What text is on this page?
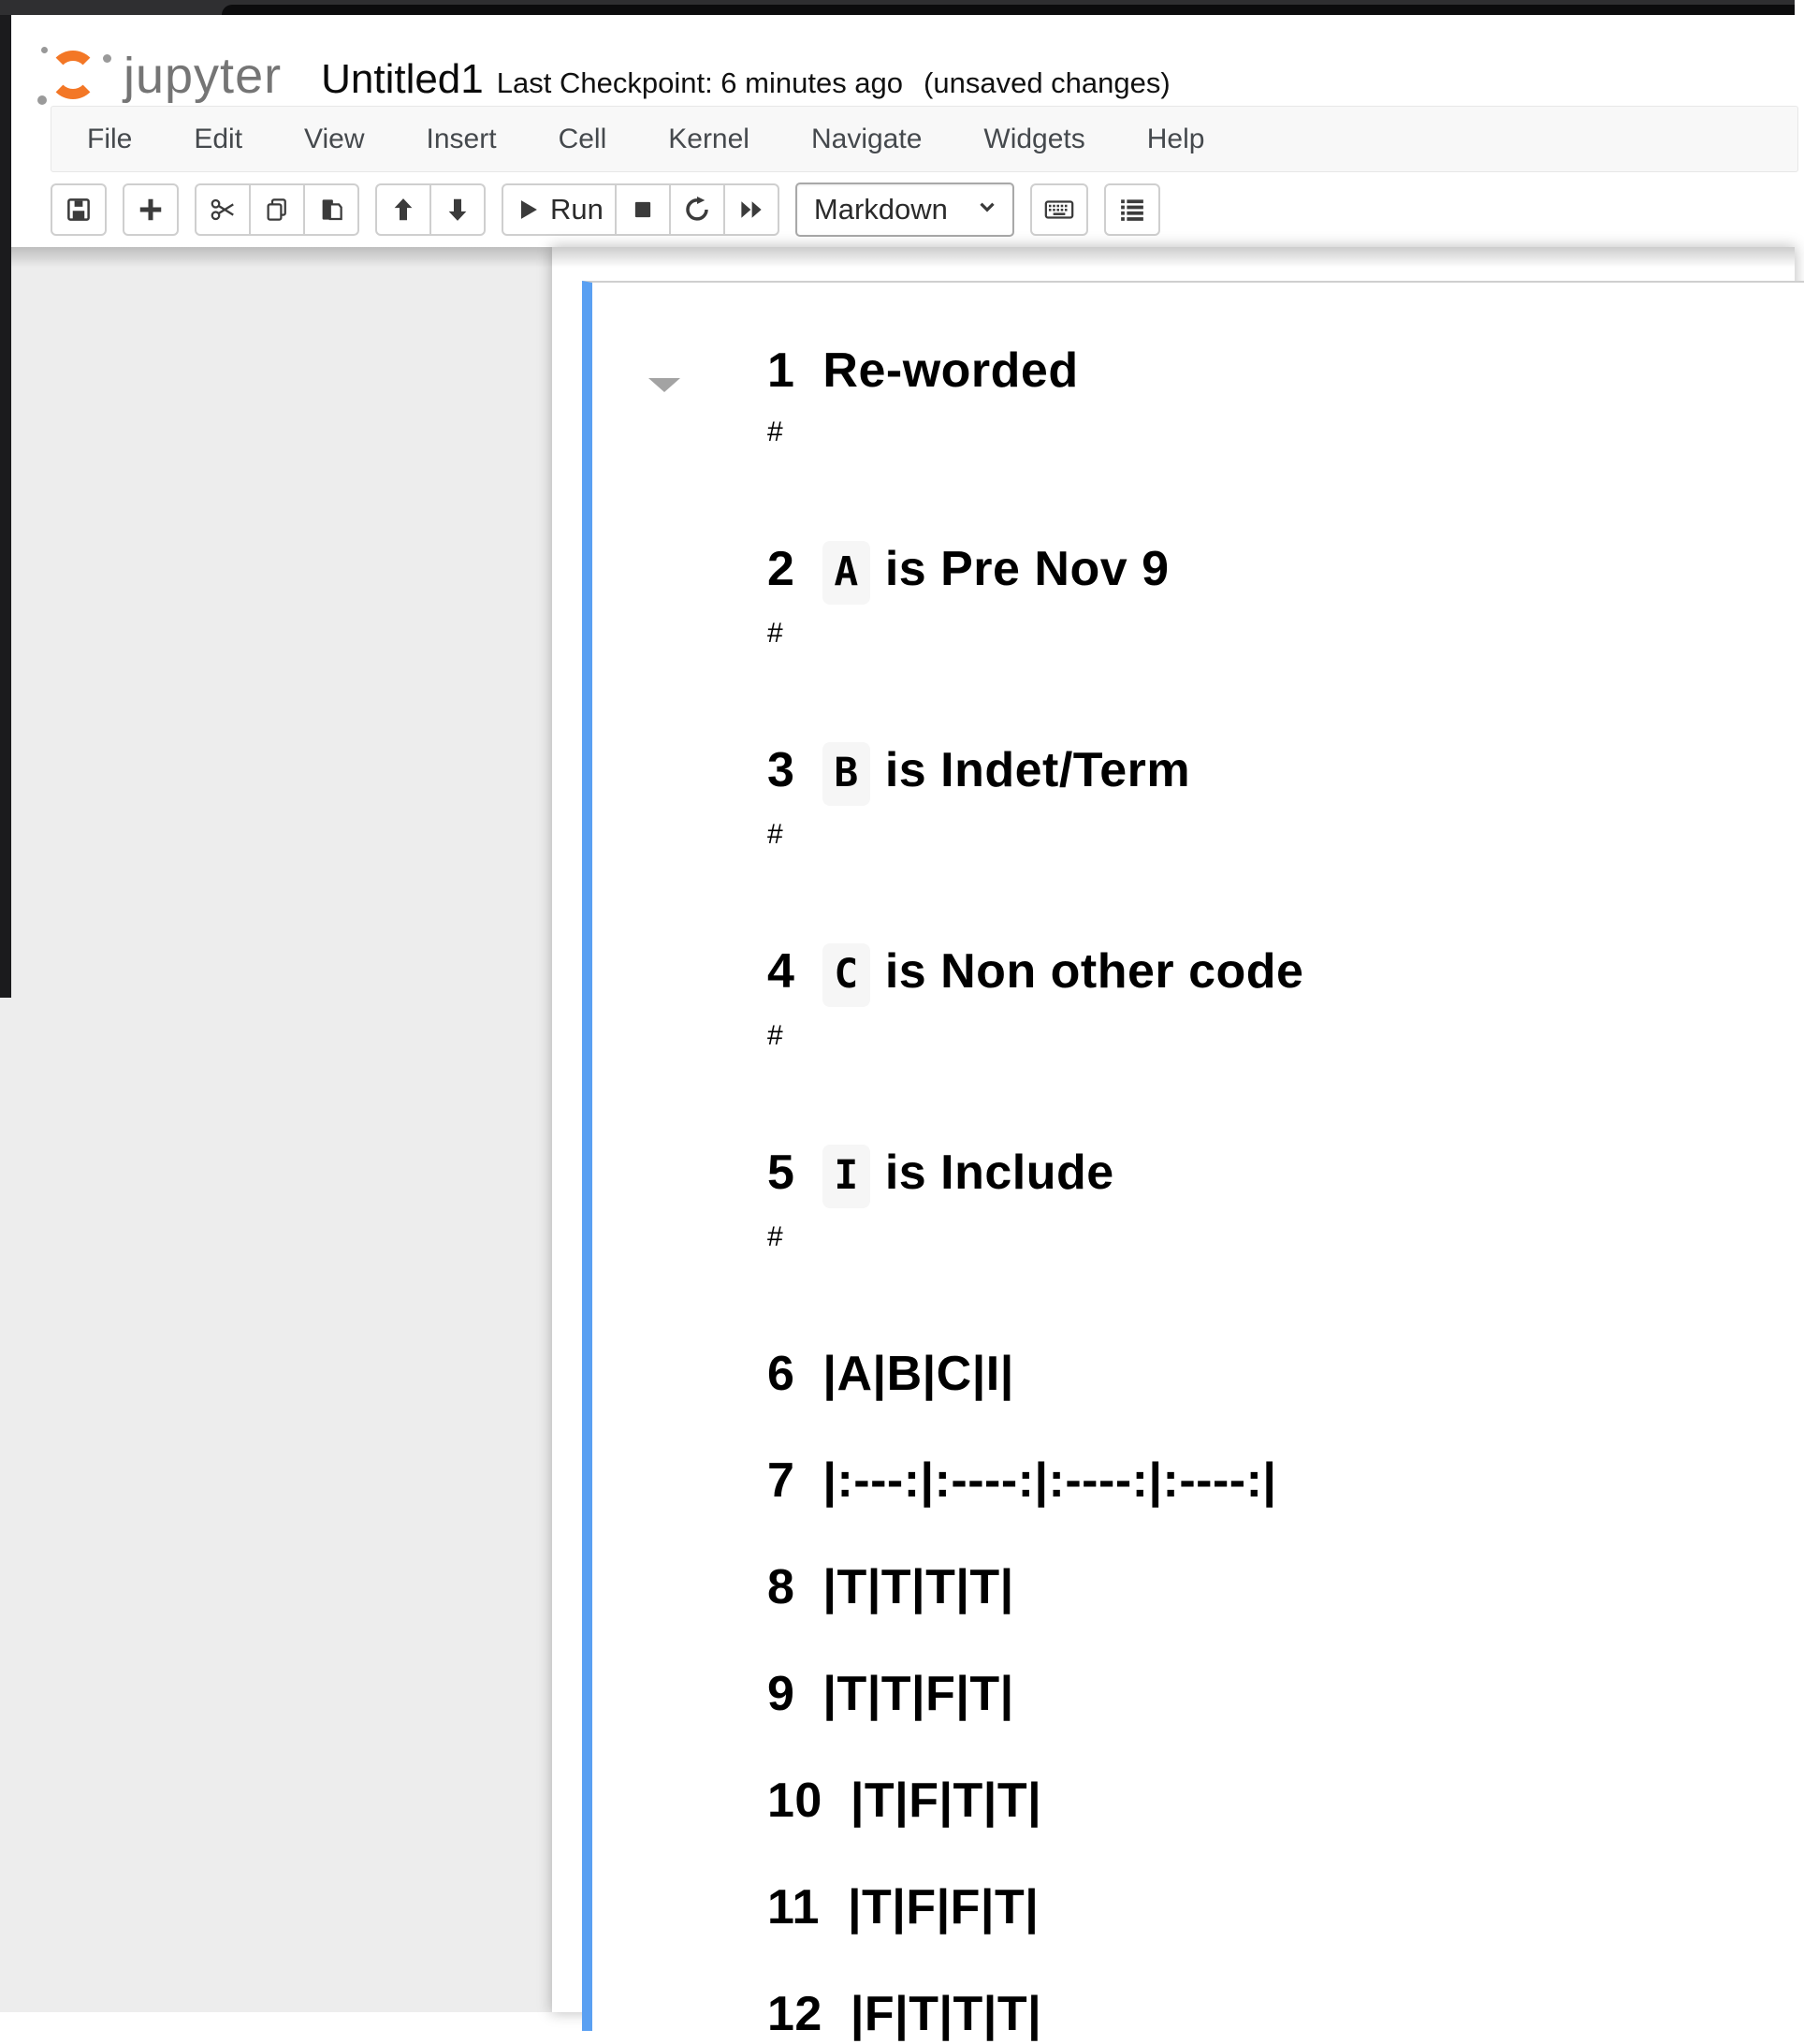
jupyter Untitled1 Last Checkpoint: 6 minutes ago (unsaved changes)
File	Edit	View	Insert	Cell	Kernel	Navigate	Widgets	Help
Run	Markdown
1 Re-worded

#

2 A is Pre Nov 9

#

3 B is Indet/Term

#

4 C is Non other code

#

5 I is Include

#

6 |A|B|C|I|
7 |:---:|:----:|:----:|:----:|
8 |T|T|T|T|
9 |T|T|F|T|
10 |T|F|T|T|
11 |T|F|F|T|
12 |F|T|T|T|
